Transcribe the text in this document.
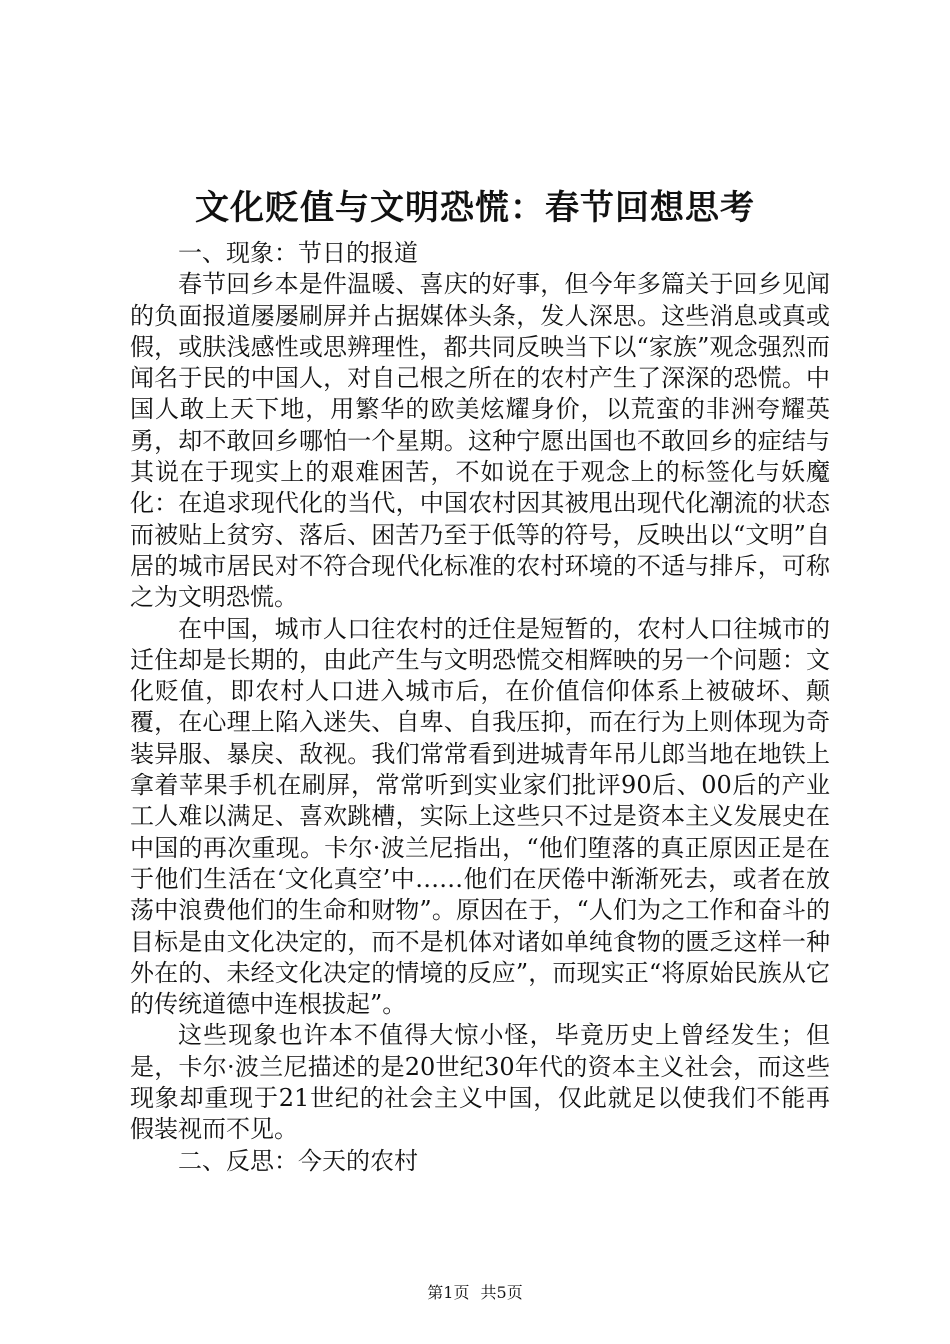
文化贬值与文明恐慌：春节回想思考
一、现象：节日的报道

春节回乡本是件温暖、喜庆的好事，但今年多篇关于回乡见闻的负面报道屡屡刷屏并占据媒体头条，发人深思。这些消息或真或假，或肤浅感性或思辨理性，都共同反映当下以“家族”观念强烈而闻名于民的中国人，对自己根之所在的农村产生了深深的恐慌。中国人敢上天下地，用繁华的欧美炫耀身价，以荒蛮的非洲夸耀英勇，却不敢回乡哪怕一个星期。这种宁愿出国也不敢回乡的症结与其说在于现实上的艰难困苦，不如说在于观念上的标签化与妖魔化：在追求现代化的当代，中国农村因其被甩出现代化潮流的状态而被贴上贫穷、落后、困苦乃至于低等的符号，反映出以“文明”自居的城市居民对不符合现代化标准的农村环境的不适与排斥，可称之为文明恐慌。

在中国，城市人口往农村的迁住是短暂的，农村人口往城市的迁住却是长期的，由此产生与文明恐慌交相辉映的另一个问题：文化贬值，即农村人口进入城市后，在价值信仰体系上被破坏、颠覆，在心理上陷入迷失、自卑、自我压抑，而在行为上则体现为奇装异服、暴戾、敌视。我们常常看到进城青年吊儿郎当地在地铁上拿着苹果手机在刷屏，常常听到实业家们批评90后、00后的产业工人难以满足、喜欢跳槽，实际上这些只不过是资本主义发展史在中国的再次重现。卡尔·波兰尼指出，“他们堕落的真正原因正是在于他们生活在‘文化真空’中……他们在厌倦中渐渐死去，或者在放荡中浪费他们的生命和财物”。原因在于，“人们为之工作和奋斗的目标是由文化决定的，而不是机体对诸如单纯食物的匮乏这样一种外在的、未经文化决定的情境的反应”，而现实正“将原始民族从它的传统道德中连根拔起”。

这些现象也许本不值得大惊小怪，毕竟历史上曾经发生；但是，卡尔·波兰尼描述的是20世纪30年代的资本主义社会，而这些现象却重现于21世纪的社会主义中国，仅此就足以使我们不能再假装视而不见。

二、反思：今天的农村
第1页 共5页
